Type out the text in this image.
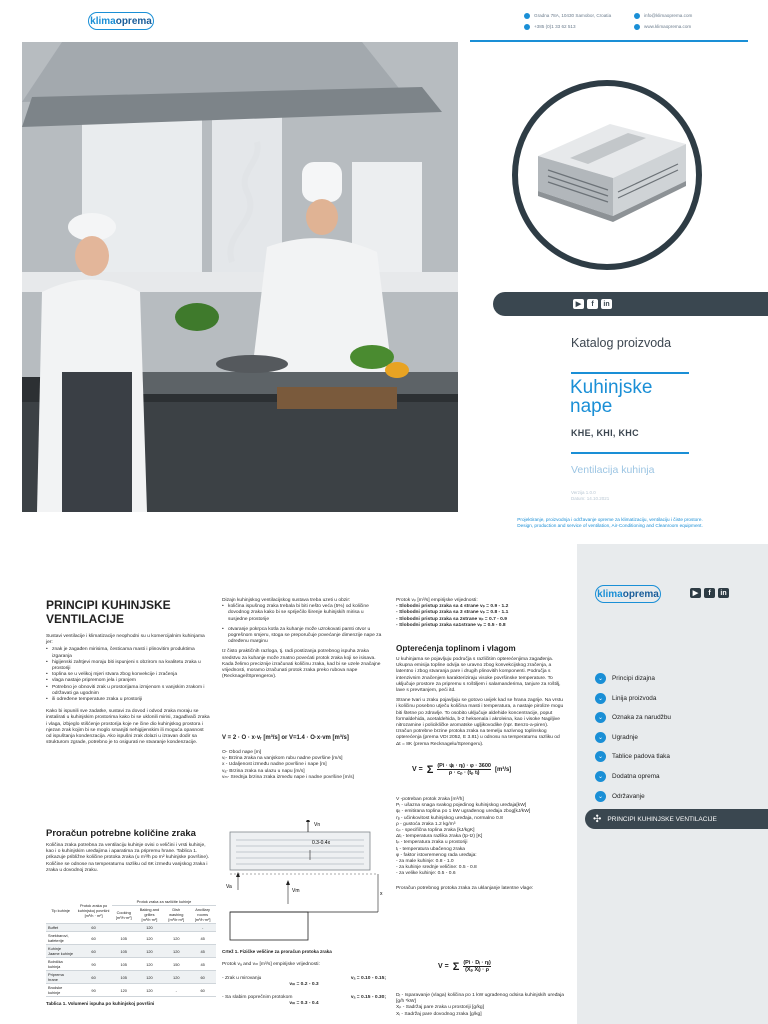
klima oprema	Gradna 78A, 10430 Samobor, Croatia
+385 (0)1 33 62 513
info@klimaoprema.com
www.klimaoprema.com
▶	f	in
Katalog proizvoda
Kuhinjske
nape
KHE, KHI, KHC
Ventilacija kuhinja
Verzija 1.0.0
Datum: 14.10.2021
Projektiranje, proizvodnja i održavanje opreme za klimatizaciju, ventilaciju i čiste prostore.
Design, production and service of ventilation, Air-Conditioning and Cleanroom equipment.
PRINCIPI KUHINJSKE
VENTILACIJE

Sustavi ventilacije i klimatizacije neophodni su u komercijalnim kuhinjama jer:

• znak je zagađen mirisima, česticama masti i plinovitim produktima izgaranja
• higijenski zahtjevi moraju biti ispunjeni s obzirom na kvalitetu zraka u prostoriji
• toplina se u velikoj mjeri stvara zbog konvekcije i zračenja
• vlaga nastaje pripremom jela i pranjem
• Potrebno je obnoviti zrak u prostorijama izmjenom s vanjskim zrakom i održavati ga ugodnim
• ili određene temperature zraka u prostoriji

Kako bi ispunili sve zadatke, sustavi za dovod i odvod zraka moraju se instalirati u kuhinjskim prostorima kako bi se uklonili mirisi, zagađivači zraka i vlaga, izbjeglo stišćenje prostorija koje ne čine dio kuhinjskog prostora i njezan zrak kojim bi se moglo smanjiti nehigijenskim ili moguća opasnost od ispuštanja kondenzacija. Ako ispušni zrak dolazi u izravan dodir sa strukturom zgrade, potrebno je to osigurati ne stvaranje kondenzacije.

Proračun potrebne količine zraka
Količina zraka potrebna za ventilaciju kuhinje ovisi o veličini i vrsti kuhinje, kao i o kuhinjskim uređajima i aparatima za pripremu hrane. Tablica 1. prikazuje približne količine protoka zraka (u m³/h po m² kuhinjske površine). Količine se odnose na temperaturnu razliku od 6K između vanjskog zraka i zraka u dovodnoj zraku.
Tip kuhinje	Protok zraka po kuhinjskoj površini [m³/h · m²]	Protok zraka za različite kuhinje			
		Cooking [m³/h·m²]	Baking and grilles [m³/h·m²]	Dish washing [m³/h·m²]	Ancillary rooms [m³/h·m²]
Buffet	60		120		-
Snekbarovi, kafeterije	60	105	120	120	45
Kuhinje Jaame kuhinje	60	105	120	120	45
Bolnička kuhinja	90	105	120	150	45
Priprema hrane	60	105	120	120	60
Brodske kuhinje	90	120	120	-	60
Tablica 1. Volumeni ispuha po kuhinjskoj površini

Dizajn kuhinjskog ventilacijskog sustava treba uzeti u obzir:

• količina ispušnog zraka trebala bi biti nešto veća (5%) od količine dovodnog zraka kako bi se spriječilo širenje kuhinjskih mirisa u susjedne prostorije
• otvaranje pokrpca kotla za kuhanje može uzrokovati pamti otvor u pogrešnom smjeru, stoga se preporučuje povećanje dimenzije nape za određenu marginu

Iz čisto praktičnih razloga, tj. radi postizanja potrebnog ispuha zraka sredstvu za kuhanje može znatno povećati protok zraka koji se isisava. Kada želimo preciznije izračunati količinu zraka, kad bi se uzele značajne vrijednosti, moramo izračunati protok zraka preko rubova nape (Recknagel/Sprengerov).

V = 2 · O · x·vᵣ [m³/s] or V=1.4 · O·x·vm [m³/s]
O- Obod nape [m]
vᵣ- Brzina zraka na vanjskom rubu nadne površine [m/s]
x - Udaljenost između nadne površine i nape [m]
vₐ- Brzina zraka na ulazu u napu [m/s]
vₘ- Srednja brzina zraka između nape i nadne površine [m/s]
Vn
Va
Vm
0.3-0.4x
x
Crtež 1. Fizičke veličine za proračun protoka zraka

Protok vₐ and vₘ [m³/s] empirijske vrijednosti:

- Zrak u mirovanju	vₐ = 0.10 - 0.15;
vₘ = 0.2 - 0.3
- Sa slabim poprečnim protokom	vₐ = 0.15 - 0.30;
vₘ = 0.3 - 0.4

Protok vₚ [m³/s] empirijske vrijednosti:

- Slobodni pristup zraka sa 4 strane vₚ = 0.9 - 1.2
- Slobodni pristup zraka sa 3 strane vₚ = 0.8 - 1.1
- Slobodni pristup zraka sa 2strane vₚ = 0.7 - 0.9
- Slobodni pristup zraka sa1strane vₚ = 0.5 - 0.8
Opterećenja toplinom i vlagom

U kuhinjama se pojavljuju područja s različitim opterećenjima zagađenja. Ukupna emisija topline odvija se uravno zbog konvekcijskog zračenja, a latentno i zbog stvaranja pare i drugih plinovitih komponenti. Područja s intenzivnim značenjem karakteriziraju visoke površinske temperature. To uključuje prostore za pripremu s roštiljem i salamanderima, tanjure za roštilj, lave s prevrtanjem, peći itd.

Strane tvari u zraku pojavljuju se gotovo uvijek kad se hrana zagrije. Na vrstu i količinu posebno utječu količina masti i temperatura, a nastaje pirolize mogu biti štetne po zdravlje. To osobito uključuje aldehide koncentracije, poput formaldehida, acetaldehida, b-2 heksenala i akroleina, kao i visoke Nagiljive nitrozamine i policikličke aromatske ugljikovodike (npr. Benzo-a-piren). Izračun potrebne brzine protoka zraka na temelju nazivnog toplinskog opterećenja (prema VDI 2052, E 3.81) u odnosu na temperaturnu razliku od Δt = 8K (prema Recknagelu/Sprengeru).

V = Σ $\frac{\text{(Pi · ψᵢ · ηᵢ) · φ · 3600}}{\text{ρ · cₚ · (tₚ tᵢ)}} [m^3/s]$
V -potreban protok zraka [m³/h]
Pᵢ - ušazna snaga svakog pojedinog kuhinjskog uređaja[kW]
ψᵢ - emitirana toplina po 1 kW ugrađenog uređaja zbog[kJ/kW]
ηᵢ - učinkovitost kuhinjskog uređaja, normalno 0.8
ρ - gustoća zraka 1.2 kg/m³
cₚ - specifična toplina zraka [kJ/kgK]
Δtᵢ - temperatura razlika zraka (tp-tz) [K]
tₚ - temperatura zraka u prostoriji
tᵢ - temperatura ubačenog zraka
φ - faktor istovremenog rada uređaja:
- za male kuhinje: 0.8 - 1.0
- za kuhinje srednje veličine: 0.5 - 0.8
- za velike kuhinje: 0.5 - 0.6

Proračun potrebnog protoka zraka za uklanjanje latentne vlage:

V = Σ $\frac{\text{(Pi · Dᵢ · ηᵢ)}}{\text{(Xₚ Xᵢ) · ρ}}$
Dᵢ - Isparavanje (vlaga) količina po 1 kW ugrađenog odsisa kuhinjskih uređaja [g/h *kW]
Xₚ - Sadržaj pare zraka u prostoriji [g/kg]
Xᵢ - Sadržaj pare dovodnog zraka [g/kg]
klima oprema	▶	f	in
⌄	Principi dizajna
⌄	Linija proizvoda
⌄	Oznaka za narudžbu
⌄	Ugradnje
⌄	Tablice padova tlaka
⌄	Dodatna oprema
⌄	Održavanje
✣ PRINCIPI KUHINJSKE VENTILACIJE
